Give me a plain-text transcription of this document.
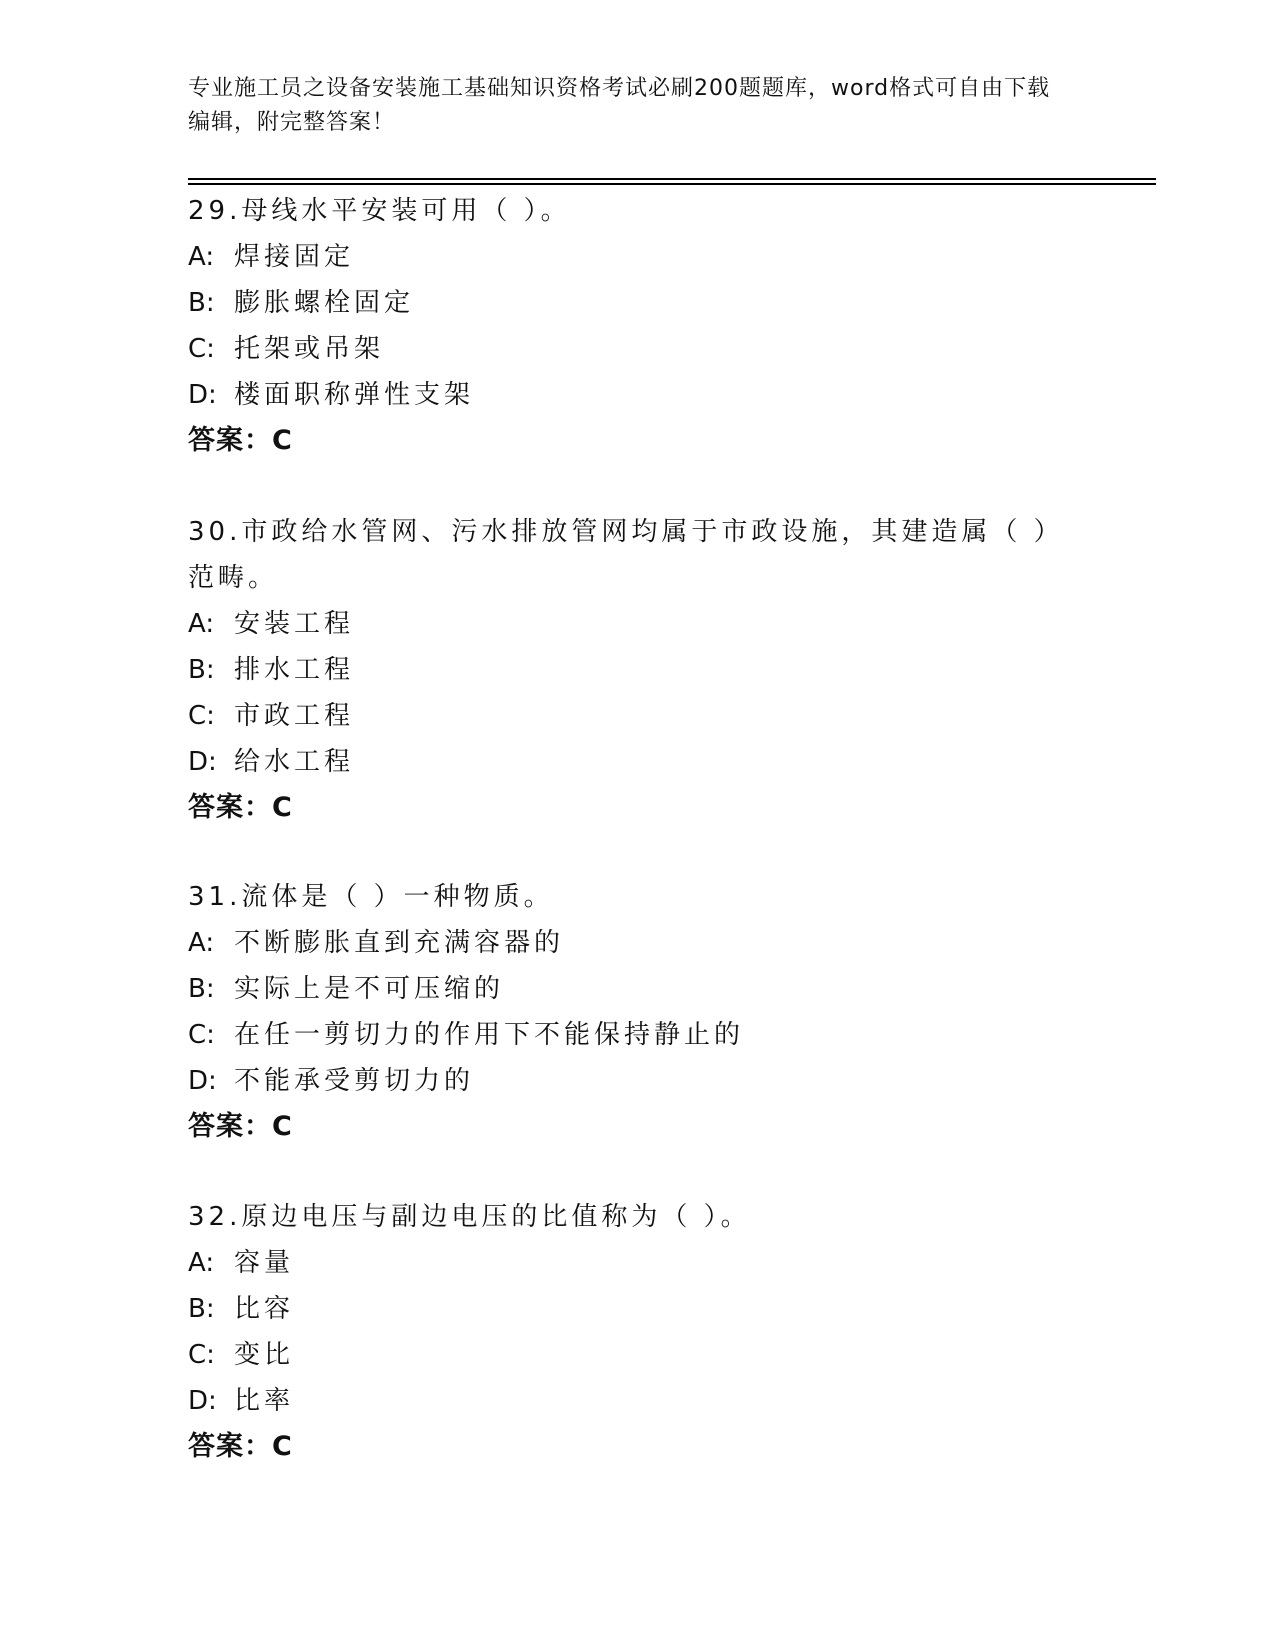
专业施工员之设备安装施工基础知识资格考试必刷200题题库，word格式可自由下载编辑，附完整答案！

29.母线水平安装可用（ ）。

A: 焊接固定

B: 膨胀螺栓固定

C: 托架或吊架

D: 楼面职称弹性支架

答案：C

30.市政给水管网、污水排放管网均属于市政设施，其建造属（ ）范畴。

A: 安装工程

B: 排水工程

C: 市政工程

D: 给水工程

答案：C

31.流体是（ ）一种物质。

A: 不断膨胀直到充满容器的

B: 实际上是不可压缩的

C: 在任一剪切力的作用下不能保持静止的

D: 不能承受剪切力的

答案：C

32.原边电压与副边电压的比值称为（ ）。

A: 容量

B: 比容

C: 变比

D: 比率

答案：C
